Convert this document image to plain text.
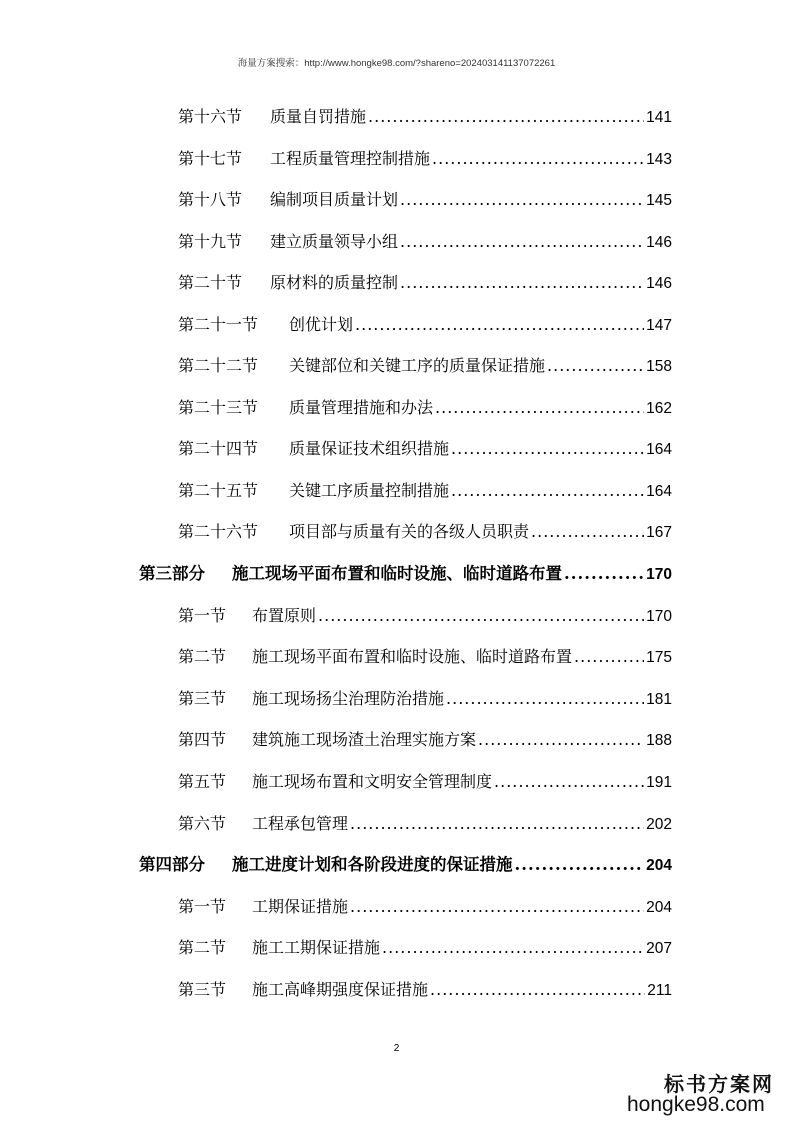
海量方案搜索：http://www.hongke98.com/?shareno=202403141137072261
第十六节	质量自罚措施 .....	141
第十七节	工程质量管理控制措施 .....	143
第十八节	编制项目质量计划 .....	145
第十九节	建立质量领导小组 .....	146
第二十节	原材料的质量控制 .....	146
第二十一节	创优计划 .....	147
第二十二节	关键部位和关键工序的质量保证措施 .....	158
第二十三节	质量管理措施和办法 .....	162
第二十四节	质量保证技术组织措施 .....	164
第二十五节	关键工序质量控制措施 .....	164
第二十六节	项目部与质量有关的各级人员职责 .....	167
第三部分	施工现场平面布置和临时设施、临时道路布置 .....	170
第一节	布置原则 .....	170
第二节	施工现场平面布置和临时设施、临时道路布置 .....	175
第三节	施工现场扬尘治理防治措施 .....	181
第四节	建筑施工现场渣土治理实施方案 .....	188
第五节	施工现场布置和文明安全管理制度 .....	191
第六节	工程承包管理 .....	202
第四部分	施工进度计划和各阶段进度的保证措施 .....	204
第一节	工期保证措施 .....	204
第二节	施工工期保证措施 .....	207
第三节	施工高峰期强度保证措施 .....	211
2
标书方案网
hongke98.com
